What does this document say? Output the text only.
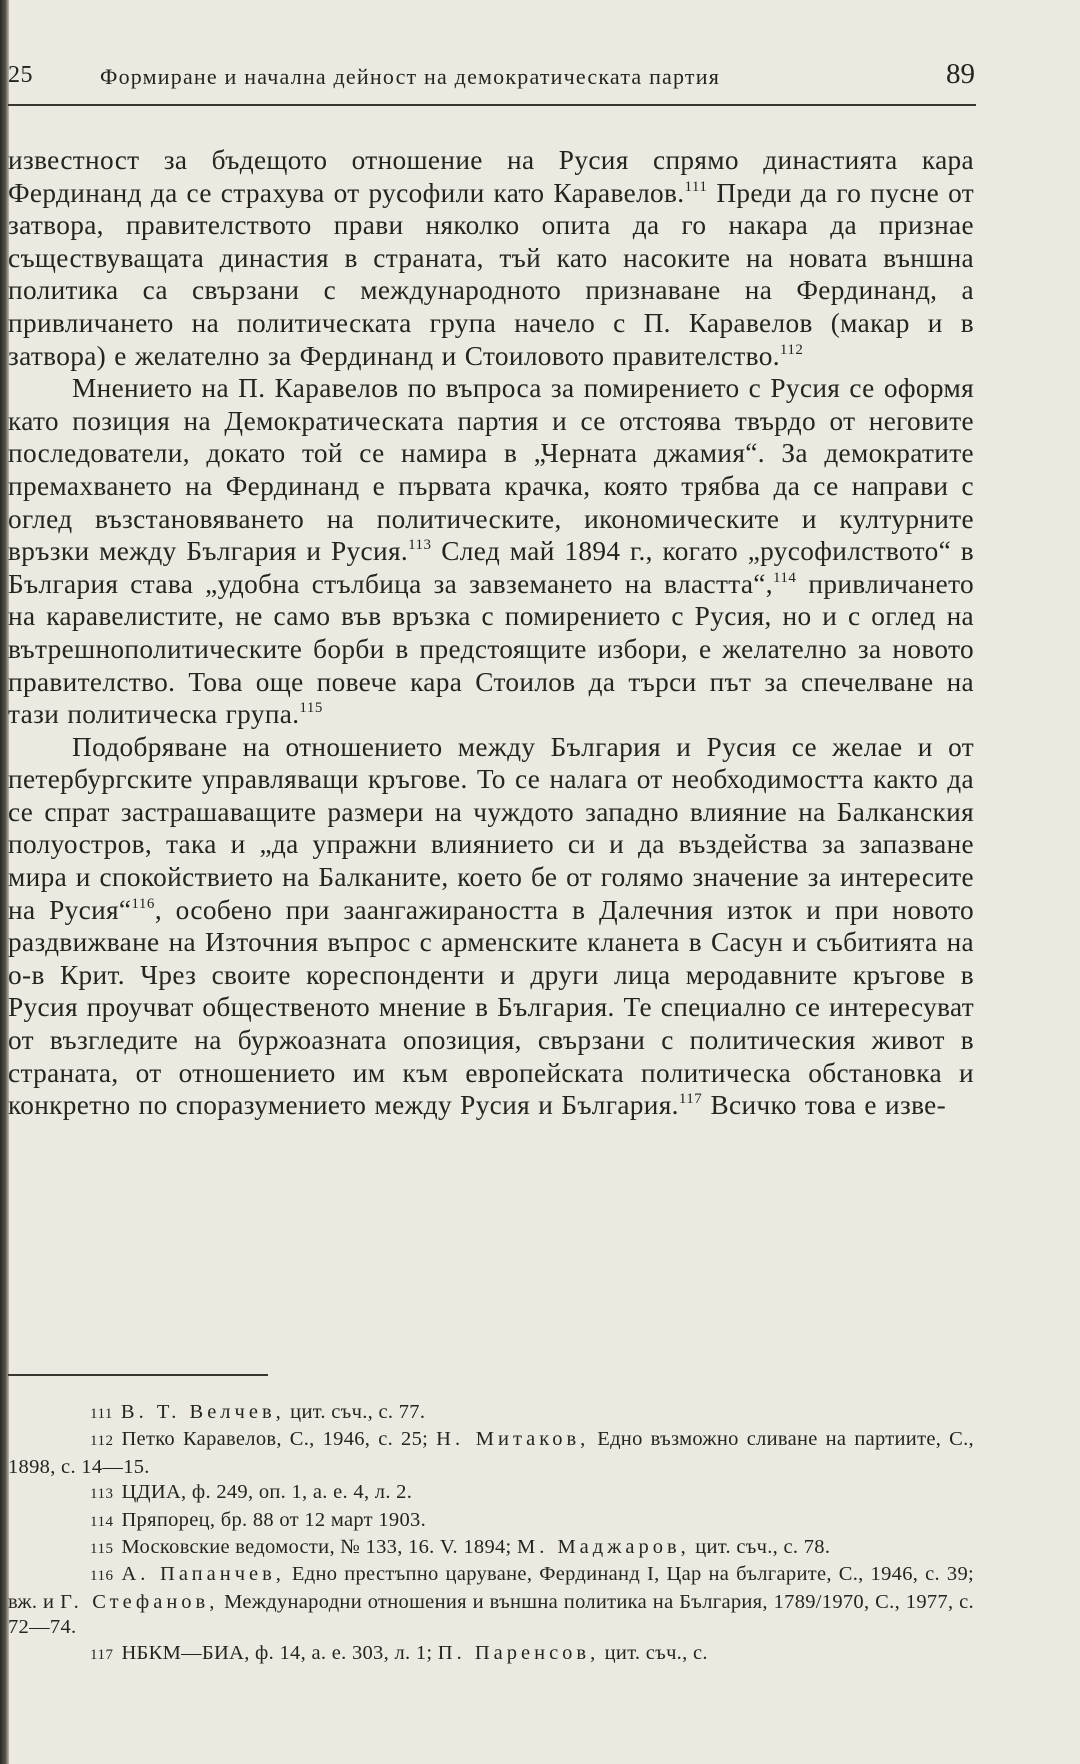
25	Формиране и начална дейност на демократическата партия	89

известност за бъдещото отношение на Русия спрямо династията кара Фердинанд да се страхува от русофили като Каравелов.$^{111}$ Преди да го пусне от затвора, правителството прави няколко опита да го накара да признае съществуващата династия в страната, тъй като насоките на новата външна политика са свързани с международното признаване на Фердинанд, а привличането на политическата група начело с П. Каравелов (макар и в затвора) е желателно за Фердинанд и Стоиловото правителство.$^{112}$

Мнението на П. Каравелов по въпроса за помирението с Русия се оформя като позиция на Демократическата партия и се отстоява твърдо от неговите последователи, докато той се намира в „Черната джамия“. За демократите премахването на Фердинанд е първата крачка, която трябва да се направи с оглед възстановяването на политическите, икономическите и културните връзки между България и Русия.$^{113}$ След май 1894 г., когато „русофилството“ в България става „удобна стълбица за завземането на властта“,$^{114}$ привличането на каравелистите, не само във връзка с помирението с Русия, но и с оглед на вътрешнополитическите борби в предстоящите избори, е желателно за новото правителство. Това още повече кара Стоилов да търси път за спечелване на тази политическа група.$^{115}$

Подобряване на отношението между България и Русия се желае и от петербургските управляващи кръгове. То се налага от необходимостта както да се спрат застрашаващите размери на чуждото западно влияние на Балканския полуостров, така и „да упражни влиянието си и да въздейства за запазване мира и спокойствието на Балканите, което бе от голямо значение за интересите на Русия“$^{116}$, особено при заангажираността в Далечния изток и при новото раздвижване на Източния въпрос с арменските кланета в Сасун и събитията на о-в Крит. Чрез своите кореспонденти и други лица меродавните кръгове в Русия проучват общественото мнение в България. Те специално се интересуват от възгледите на буржоазната опозиция, свързани с политическия живот в страната, от отношението им към европейската политическа обстановка и конкретно по споразумението между Русия и България.$^{117}$ Всичко това е изве-

111 В. Т. Велчев, цит. съч., с. 77.

112 Петко Каравелов, С., 1946, с. 25; Н. Митаков, Едно възможно сливане на партиите, С., 1898, с. 14—15.

113 ЦДИА, ф. 249, оп. 1, а. е. 4, л. 2.

114 Пряпорец, бр. 88 от 12 март 1903.

115 Московские ведомости, № 133, 16. V. 1894; М. Маджаров, цит. съч., с. 78.

116 А. Папанчев, Едно престъпно царуване, Фердинанд I, Цар на българите, С., 1946, с. 39; вж. и Г. Стефанов, Международни отношения и външна политика на България, 1789/1970, С., 1977, с. 72—74.

117 НБКМ—БИА, ф. 14, а. е. 303, л. 1; П. Паренсов, цит. съч., с.
